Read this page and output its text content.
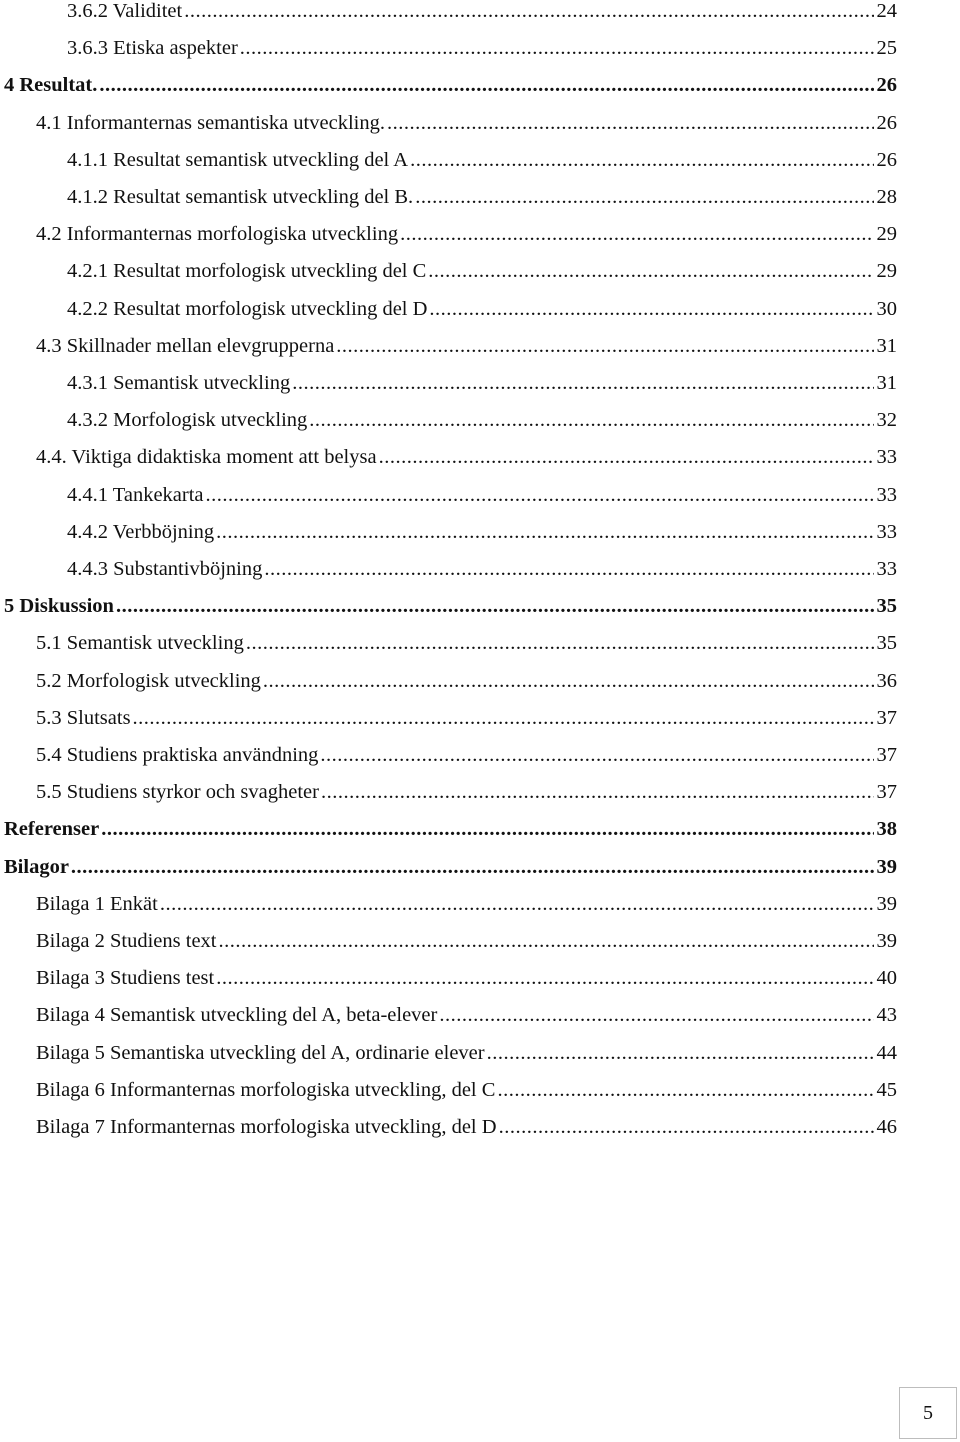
3.6.2 Validitet .....	24
3.6.3 Etiska aspekter .....	25
4 Resultat. .....	26
4.1 Informanternas semantiska utveckling. .....	26
4.1.1 Resultat semantisk utveckling del A .....	26
4.1.2 Resultat semantisk utveckling del B. .....	28
4.2 Informanternas morfologiska utveckling .....	29
4.2.1 Resultat morfologisk utveckling del C .....	29
4.2.2 Resultat morfologisk utveckling del D .....	30
4.3 Skillnader mellan elevgrupperna .....	31
4.3.1 Semantisk utveckling .....	31
4.3.2 Morfologisk utveckling .....	32
4.4. Viktiga didaktiska moment att belysa .....	33
4.4.1 Tankekarta .....	33
4.4.2 Verbböjning .....	33
4.4.3 Substantivböjning .....	33
5 Diskussion .....	35
5.1 Semantisk utveckling .....	35
5.2 Morfologisk utveckling .....	36
5.3 Slutsats .....	37
5.4 Studiens praktiska användning .....	37
5.5 Studiens styrkor och svagheter .....	37
Referenser .....	38
Bilagor .....	39
Bilaga 1 Enkät .....	39
Bilaga 2 Studiens text .....	39
Bilaga 3 Studiens test .....	40
Bilaga 4 Semantisk utveckling del A, beta-elever .....	43
Bilaga 5 Semantiska utveckling del A, ordinarie elever .....	44
Bilaga 6 Informanternas morfologiska utveckling, del C .....	45
Bilaga 7 Informanternas morfologiska utveckling, del D .....	46
5
